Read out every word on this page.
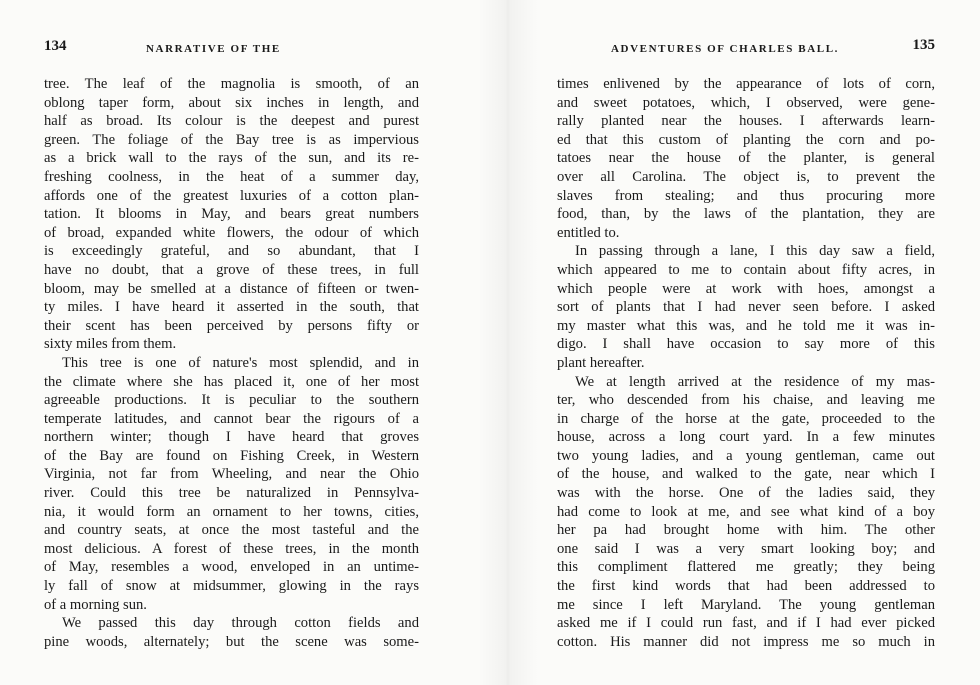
134	NARRATIVE OF THE
tree. The leaf of the magnolia is smooth, of an
oblong taper form, about six inches in length, and
half as broad. Its colour is the deepest and purest
green. The foliage of the Bay tree is as impervious
as a brick wall to the rays of the sun, and its re-
freshing coolness, in the heat of a summer day,
affords one of the greatest luxuries of a cotton plan-
tation. It blooms in May, and bears great numbers
of broad, expanded white flowers, the odour of which
is exceedingly grateful, and so abundant, that I
have no doubt, that a grove of these trees, in full
bloom, may be smelled at a distance of fifteen or twen-
ty miles. I have heard it asserted in the south, that
their scent has been perceived by persons fifty or
sixty miles from them.
This tree is one of nature's most splendid, and in
the climate where she has placed it, one of her most
agreeable productions. It is peculiar to the southern
temperate latitudes, and cannot bear the rigours of a
northern winter; though I have heard that groves
of the Bay are found on Fishing Creek, in Western
Virginia, not far from Wheeling, and near the Ohio
river. Could this tree be naturalized in Pennsylva-
nia, it would form an ornament to her towns, cities,
and country seats, at once the most tasteful and the
most delicious. A forest of these trees, in the month
of May, resembles a wood, enveloped in an untime-
ly fall of snow at midsummer, glowing in the rays
of a morning sun.
We passed this day through cotton fields and
pine woods, alternately; but the scene was some-
ADVENTURES OF CHARLES BALL.	135
times enlivened by the appearance of lots of corn,
and sweet potatoes, which, I observed, were gene-
rally planted near the houses. I afterwards learn-
ed that this custom of planting the corn and po-
tatoes near the house of the planter, is general
over all Carolina. The object is, to prevent the
slaves from stealing; and thus procuring more
food, than, by the laws of the plantation, they are
entitled to.
In passing through a lane, I this day saw a field,
which appeared to me to contain about fifty acres, in
which people were at work with hoes, amongst a
sort of plants that I had never seen before. I asked
my master what this was, and he told me it was in-
digo. I shall have occasion to say more of this
plant hereafter.
We at length arrived at the residence of my mas-
ter, who descended from his chaise, and leaving me
in charge of the horse at the gate, proceeded to the
house, across a long court yard. In a few minutes
two young ladies, and a young gentleman, came out
of the house, and walked to the gate, near which I
was with the horse. One of the ladies said, they
had come to look at me, and see what kind of a boy
her pa had brought home with him. The other
one said I was a very smart looking boy; and
this compliment flattered me greatly; they being
the first kind words that had been addressed to
me since I left Maryland. The young gentleman
asked me if I could run fast, and if I had ever picked
cotton. His manner did not impress me so much in
